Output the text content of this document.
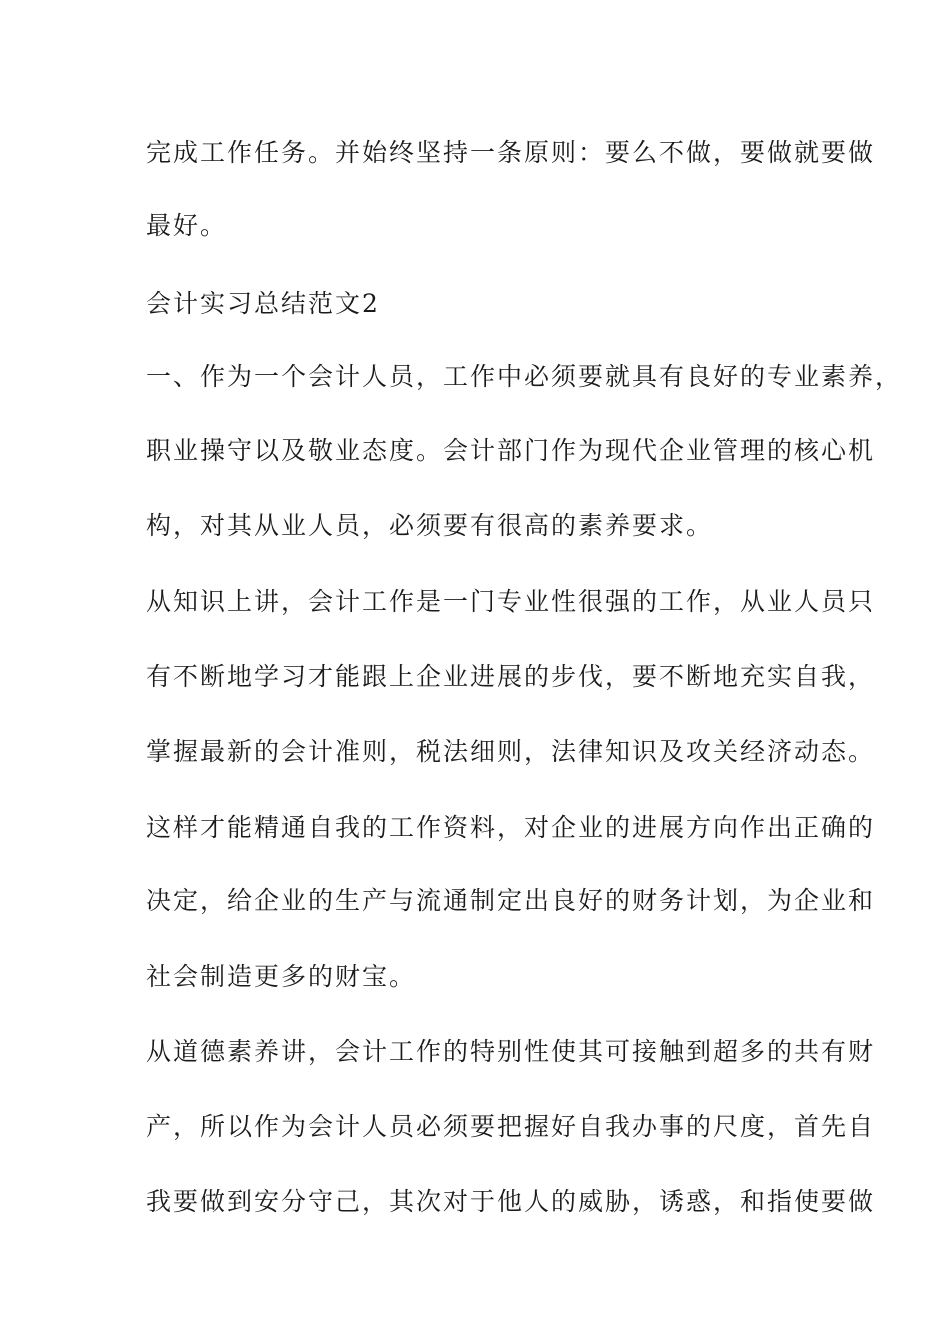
完成工作任务。并始终坚持一条原则：要么不做，要做就要做
最好。
会计实习总结范文2
一、作为一个会计人员，工作中必须要就具有良好的专业素养，
职业操守以及敬业态度。会计部门作为现代企业管理的核心机
构，对其从业人员，必须要有很高的素养要求。
从知识上讲，会计工作是一门专业性很强的工作，从业人员只
有不断地学习才能跟上企业进展的步伐，要不断地充实自我，
掌握最新的会计准则，税法细则，法律知识及攻关经济动态。
这样才能精通自我的工作资料，对企业的进展方向作出正确的
决定，给企业的生产与流通制定出良好的财务计划，为企业和
社会制造更多的财宝。
从道德素养讲，会计工作的特别性使其可接触到超多的共有财
产，所以作为会计人员必须要把握好自我办事的尺度，首先自
我要做到安分守己，其次对于他人的威胁，诱惑，和指使要做
